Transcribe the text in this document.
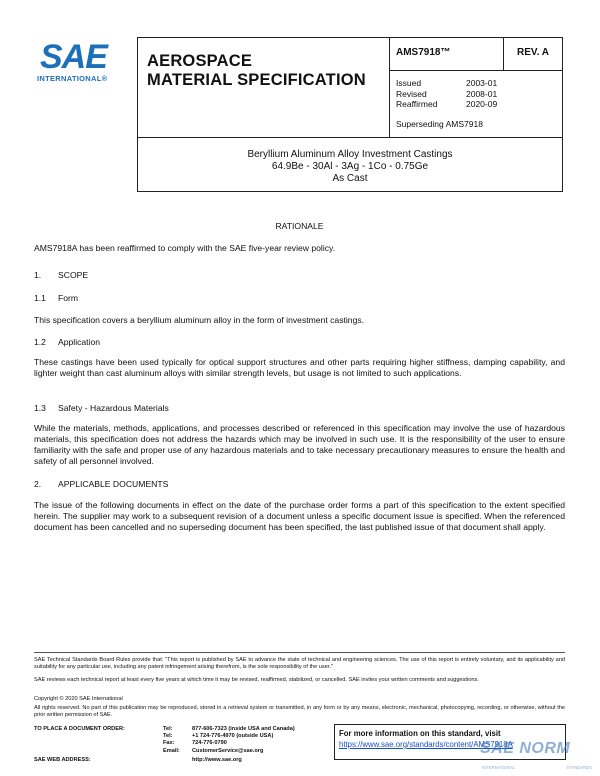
SAE
INTERNATIONAL®
AEROSPACE
MATERIAL SPECIFICATION
AMS7918™	REV. A
Issued	2003-01
Revised	2008-01
Reaffirmed	2020-09
Superseding AMS7918
Beryllium Aluminum Alloy Investment Castings
64.9Be - 30Al - 3Ag - 1Co - 0.75Ge
As Cast
RATIONALE
AMS7918A has been reaffirmed to comply with the SAE five-year review policy.
1. SCOPE
1.1 Form
This specification covers a beryllium aluminum alloy in the form of investment castings.
1.2 Application
These castings have been used typically for optical support structures and other parts requiring higher stiffness, damping capability, and lighter weight than cast aluminum alloys with similar strength levels, but usage is not limited to such applications.
1.3 Safety - Hazardous Materials
While the materials, methods, applications, and processes described or referenced in this specification may involve the use of hazardous materials, this specification does not address the hazards which may be involved in such use. It is the responsibility of the user to ensure familiarity with the safe and proper use of any hazardous materials and to take necessary precautionary measures to ensure the health and safety of all personnel involved.
2. APPLICABLE DOCUMENTS
The issue of the following documents in effect on the date of the purchase order forms a part of this specification to the extent specified herein. The supplier may work to a subsequent revision of a document unless a specific document issue is specified. When the referenced document has been cancelled and no superseding document has been specified, the last published issue of that document shall apply.
SAE Technical Standards Board Rules provide that: "This report is published by SAE to advance the state of technical and engineering sciences. The use of this report is entirely voluntary, and its applicability and suitability for any particular use, including any patent infringement arising therefrom, is the sole responsibility of the user."
SAE reviews each technical report at least every five years at which time it may be revised, reaffirmed, stabilized, or cancelled. SAE invites your written comments and suggestions.
Copyright © 2020 SAE International
All rights reserved. No part of this publication may be reproduced, stored in a retrieval system or transmitted, in any form or by any means, electronic, mechanical, photocopying, recording, or otherwise, without the prior written permission of SAE.
TO PLACE A DOCUMENT ORDER:	Tel:	877-606-7323 (inside USA and Canada)
Tel:	+1 724-776-4970 (outside USA)
Fax:	724-776-0790
Email: CustomerService@sae.org
SAE WEB ADDRESS:	http://www.sae.org
For more information on this standard, visit
https://www.sae.org/standards/content/AMS7918A
SAE NORM
INTERNATIONAL	STANDARDS
